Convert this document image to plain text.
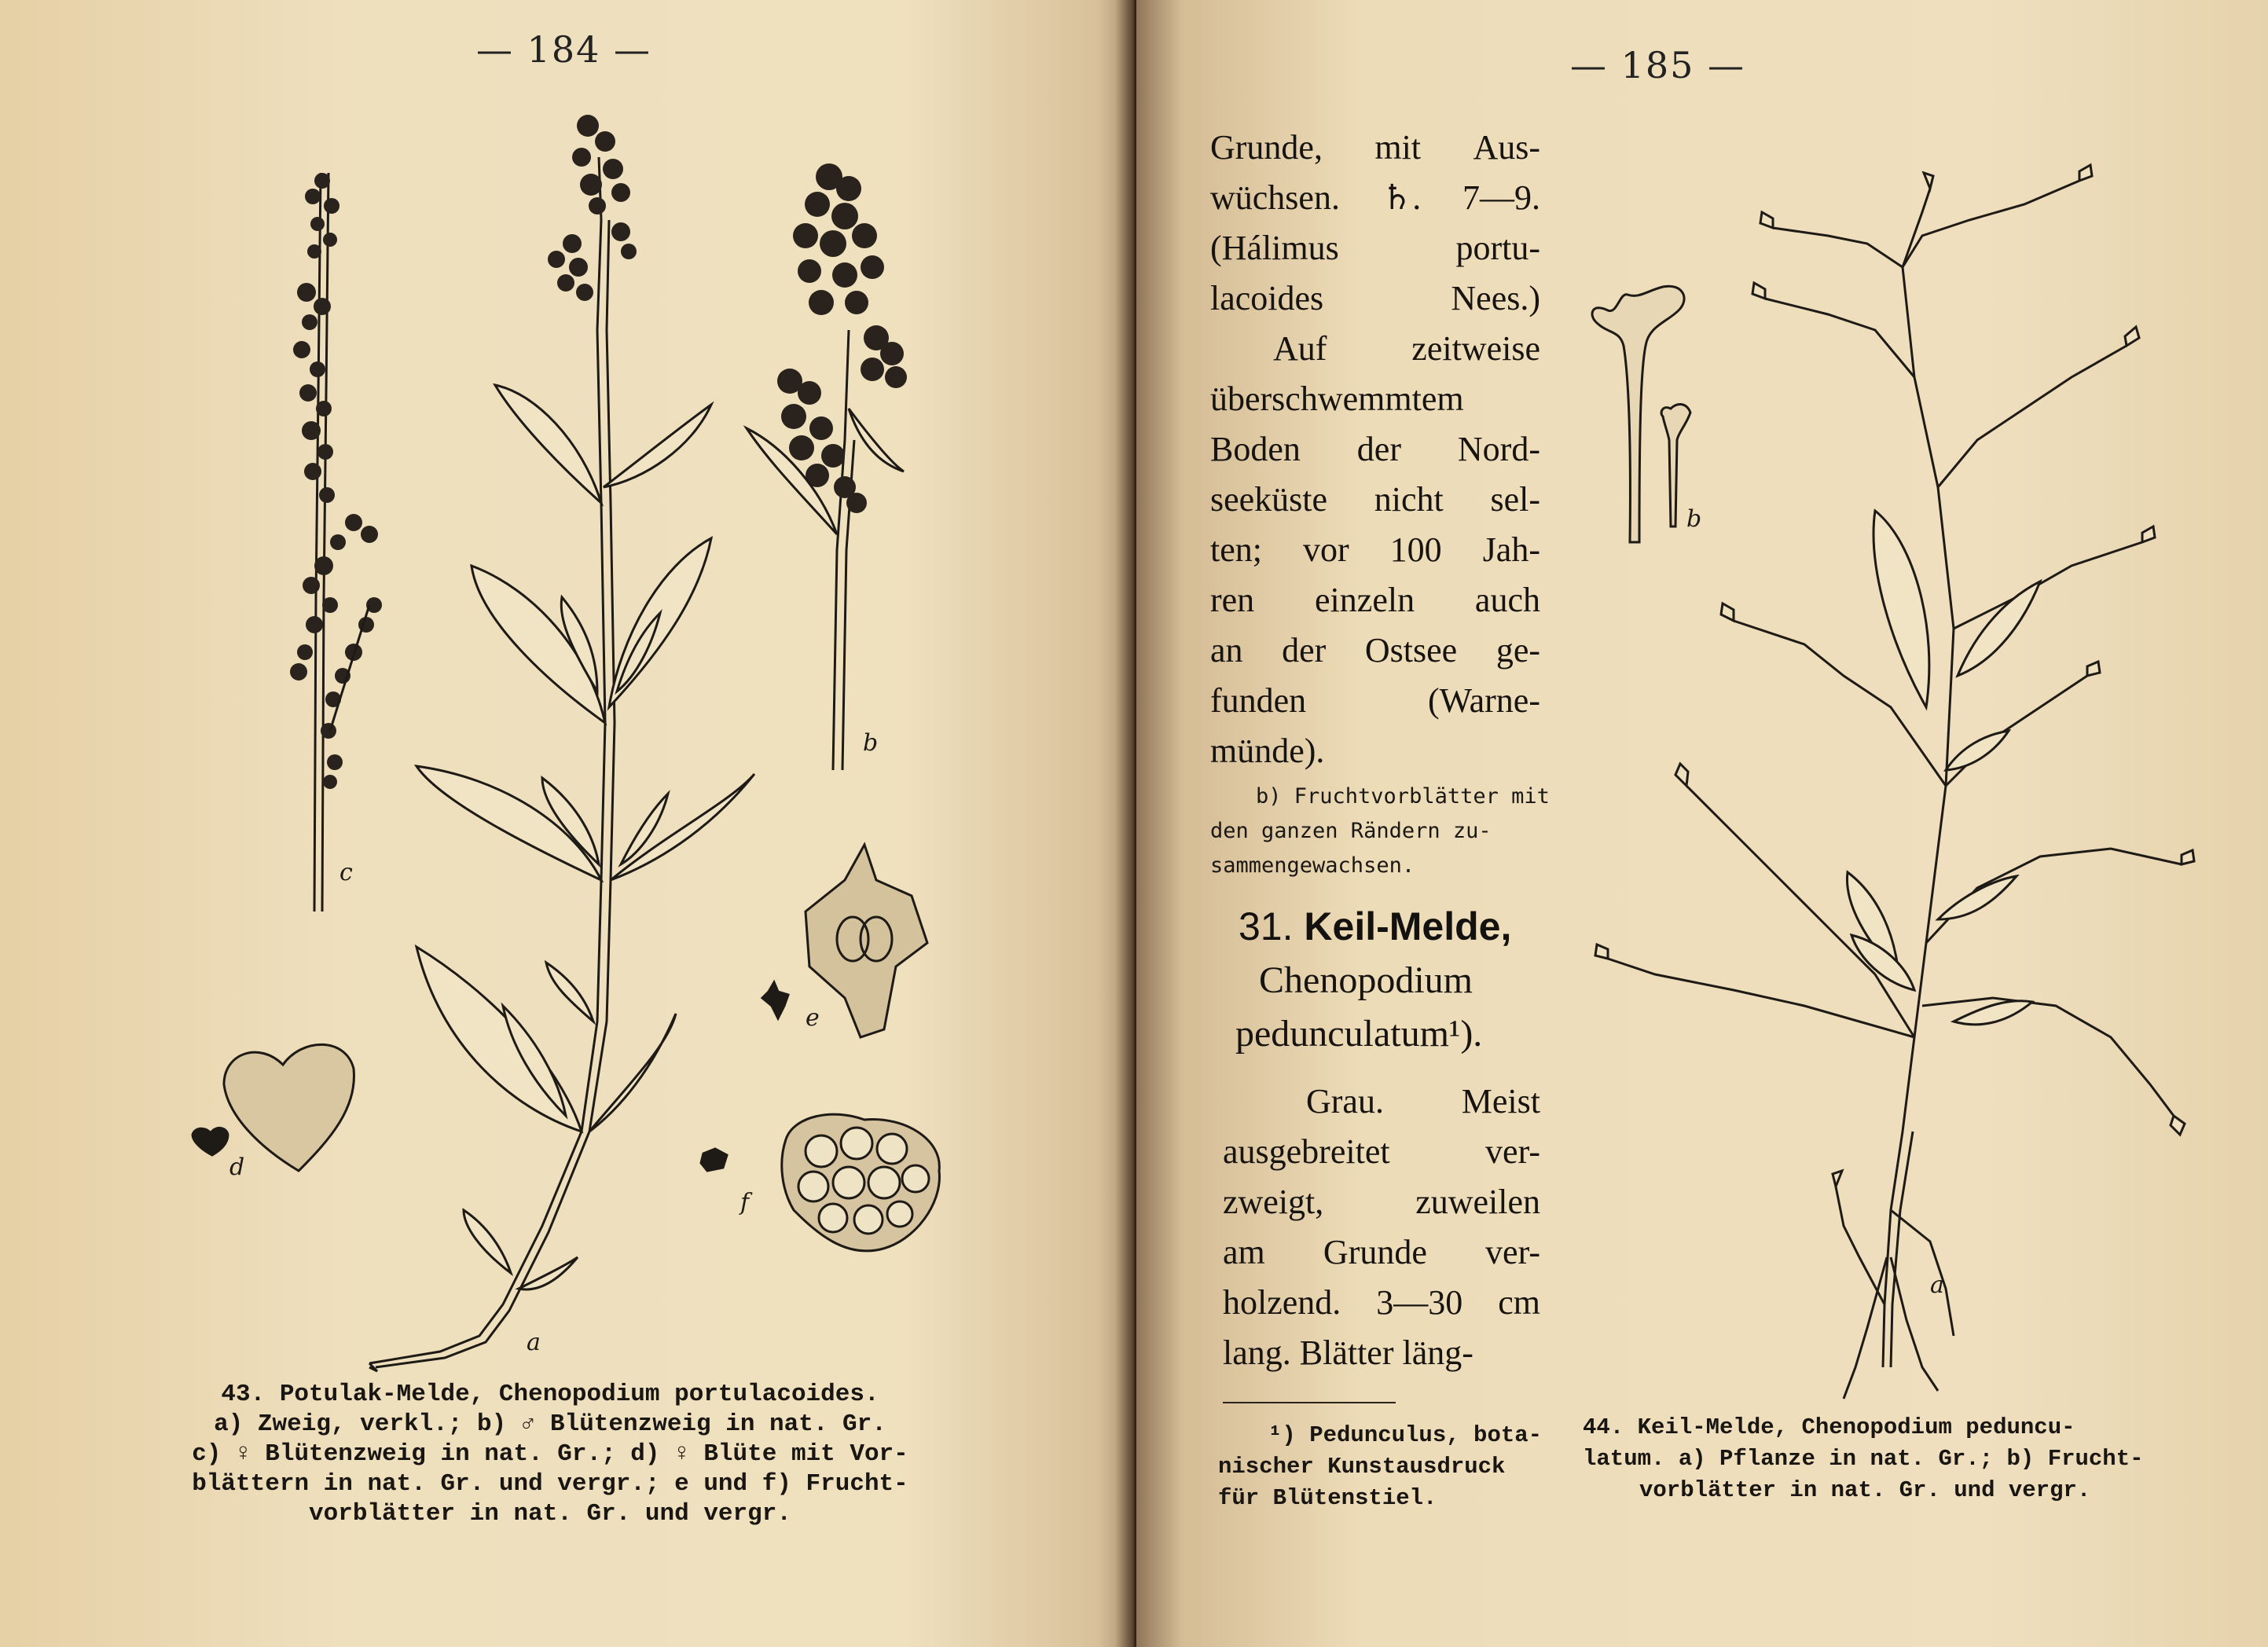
— 184 —
a
b
c
d
e
f
43. Potulak-Melde, Chenopodium portulacoides.
a) Zweig, verkl.; b) ♂ Blütenzweig in nat. Gr.
c) ♀ Blütenzweig in nat. Gr.; d) ♀ Blüte mit Vor-
blättern in nat. Gr. und vergr.; e und f) Frucht-
vorblätter in nat. Gr. und vergr.
— 185 —
b
a
Grunde, mit Aus-
wüchsen. ♄. 7—9.
(Hálimus	portu-
lacoides	Nees.)
Auf zeitweise
überschwemmtem
Boden der Nord-
seeküste nicht sel-
ten; vor 100 Jah-
ren einzeln auch
an der Ostsee ge-
funden	(Warne-
münde).
b) Fruchtvorblätter mit
den ganzen Rändern zu-
sammengewachsen.
31. Keil-Melde,
Chenopodium
pedunculatum¹).
Grau. Meist
ausgebreitet	ver-
zweigt,	zuweilen
am Grunde ver-
holzend. 3—30 cm
lang. Blätter läng-
¹) Pedunculus, bota-
nischer Kunstausdruck
für Blütenstiel.
44. Keil-Melde, Chenopodium peduncu-
latum. a) Pflanze in nat. Gr.; b) Frucht-
vorblätter in nat. Gr. und vergr.
